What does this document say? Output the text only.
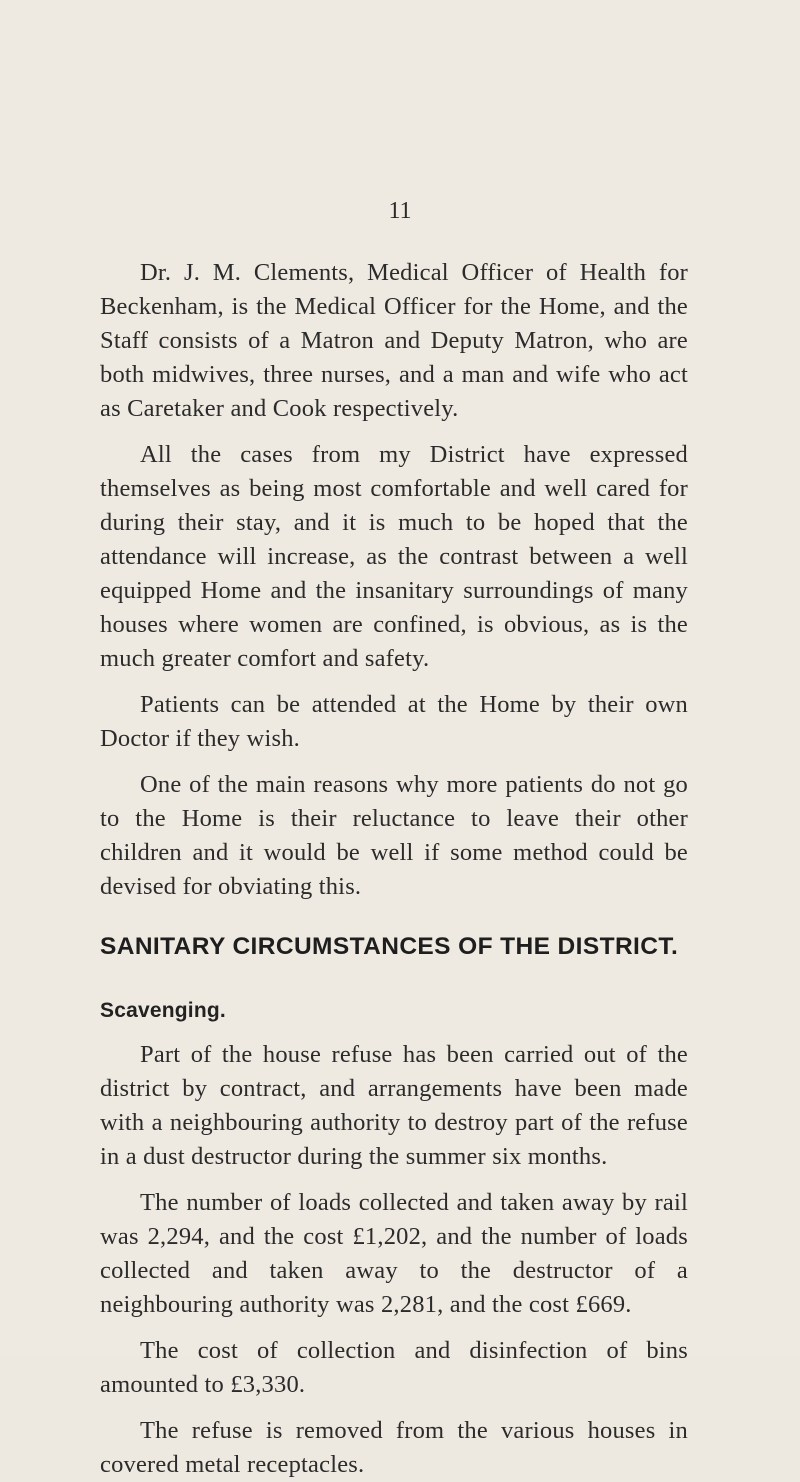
11

Dr. J. M. Clements, Medical Officer of Health for Beckenham, is the Medical Officer for the Home, and the Staff consists of a Matron and Deputy Matron, who are both midwives, three nurses, and a man and wife who act as Caretaker and Cook respectively.

All the cases from my District have expressed themselves as being most comfortable and well cared for during their stay, and it is much to be hoped that the attendance will increase, as the contrast between a well equipped Home and the insanitary surroundings of many houses where women are confined, is obvious, as is the much greater comfort and safety.

Patients can be attended at the Home by their own Doctor if they wish.

One of the main reasons why more patients do not go to the Home is their reluctance to leave their other children and it would be well if some method could be devised for obviating this.

SANITARY CIRCUMSTANCES OF THE DISTRICT.
Scavenging.

Part of the house refuse has been carried out of the district by contract, and arrangements have been made with a neighbouring authority to destroy part of the refuse in a dust destructor during the summer six months.

The number of loads collected and taken away by rail was 2,294, and the cost £1,202, and the number of loads collected and taken away to the destructor of a neighbouring authority was 2,281, and the cost £669.

The cost of collection and disinfection of bins amounted to £3,330.

The refuse is removed from the various houses in covered metal receptacles.
